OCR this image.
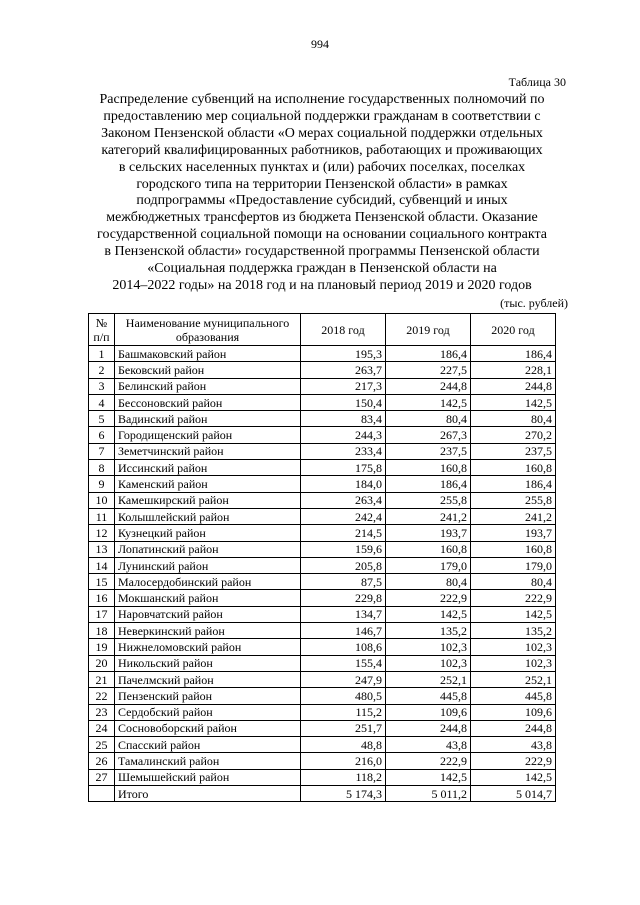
994
Таблица 30
Распределение субвенций на исполнение государственных полномочий по
предоставлению мер социальной поддержки гражданам в соответствии с
Законом Пензенской области «О мерах социальной поддержки отдельных
категорий квалифицированных работников, работающих и проживающих
в сельских населенных пунктах и (или) рабочих поселках, поселках
городского типа на территории Пензенской области» в рамках
подпрограммы «Предоставление субсидий, субвенций и иных
межбюджетных трансфертов из бюджета Пензенской области. Оказание
государственной социальной помощи на основании социального контракта
в Пензенской области» государственной программы Пензенской области
«Социальная поддержка граждан в Пензенской области на
2014–2022 годы» на 2018 год и на плановый период 2019 и 2020 годов
(тыс. рублей)
№ п/п	Наименование муниципального образования	2018 год	2019 год	2020 год
1	Башмаковский район	195,3	186,4	186,4
2	Бековский район	263,7	227,5	228,1
3	Белинский район	217,3	244,8	244,8
4	Бессоновский район	150,4	142,5	142,5
5	Вадинский район	83,4	80,4	80,4
6	Городищенский район	244,3	267,3	270,2
7	Земетчинский район	233,4	237,5	237,5
8	Иссинский район	175,8	160,8	160,8
9	Каменский район	184,0	186,4	186,4
10	Камешкирский район	263,4	255,8	255,8
11	Колышлейский район	242,4	241,2	241,2
12	Кузнецкий район	214,5	193,7	193,7
13	Лопатинский район	159,6	160,8	160,8
14	Лунинский район	205,8	179,0	179,0
15	Малосердобинский район	87,5	80,4	80,4
16	Мокшанский район	229,8	222,9	222,9
17	Наровчатский район	134,7	142,5	142,5
18	Неверкинский район	146,7	135,2	135,2
19	Нижнеломовский район	108,6	102,3	102,3
20	Никольский район	155,4	102,3	102,3
21	Пачелмский район	247,9	252,1	252,1
22	Пензенский район	480,5	445,8	445,8
23	Сердобский район	115,2	109,6	109,6
24	Сосновоборский район	251,7	244,8	244,8
25	Спасский район	48,8	43,8	43,8
26	Тамалинский район	216,0	222,9	222,9
27	Шемышейский район	118,2	142,5	142,5
	Итого	5 174,3	5 011,2	5 014,7
